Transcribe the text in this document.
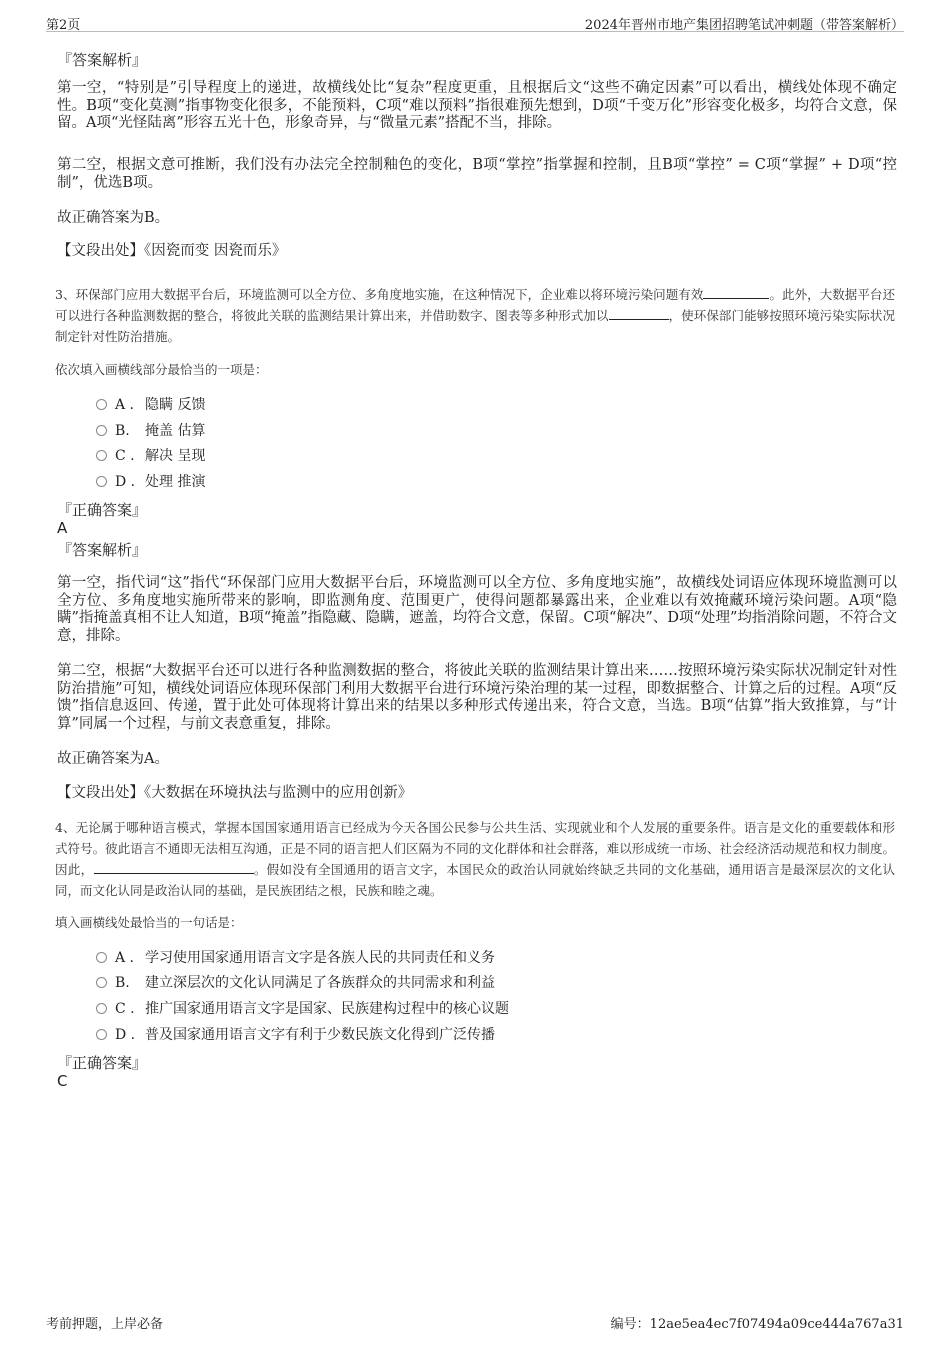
第2页	2024年晋州市地产集团招聘笔试冲刺题（带答案解析）
『答案解析』
第一空，“特别是”引导程度上的递进，故横线处比“复杂”程度更重，且根据后文“这些不确定因素”可以看出，横线处体现不确定性。B项“变化莫测”指事物变化很多，不能预料，C项“难以预料”指很难预先想到，D项“千变万化”形容变化极多，均符合文意，保留。A项“光怪陆离”形容五光十色，形象奇异，与“微量元素”搭配不当，排除。
第二空，根据文意可推断，我们没有办法完全控制釉色的变化，B项“掌控”指掌握和控制，且B项“掌控” = C项“掌握” + D项“控制”，优选B项。
故正确答案为B。
【文段出处】《因瓷而变 因瓷而乐》
3、环保部门应用大数据平台后，环境监测可以全方位、多角度地实施，在这种情况下，企业难以将环境污染问题有效	。此外，大数据平台还可以进行各种监测数据的整合，将彼此关联的监测结果计算出来，并借助数字、图表等多种形式加以	，使环保部门能够按照环境污染实际状况制定针对性防治措施。
依次填入画横线部分最恰当的一项是：
A . 隐瞒 反馈
B. 掩盖 估算
C . 解决 呈现
D . 处理 推演
『正确答案』
A
『答案解析』
第一空，指代词“这”指代“环保部门应用大数据平台后，环境监测可以全方位、多角度地实施”，故横线处词语应体现环境监测可以全方位、多角度地实施所带来的影响，即监测角度、范围更广，使得问题都暴露出来，企业难以有效掩藏环境污染问题。A项“隐瞒”指掩盖真相不让人知道，B项“掩盖”指隐藏、隐瞒，遮盖，均符合文意，保留。C项“解决”、D项“处理”均指消除问题，不符合文意，排除。
第二空，根据“大数据平台还可以进行各种监测数据的整合，将彼此关联的监测结果计算出来……按照环境污染实际状况制定针对性防治措施”可知，横线处词语应体现环保部门利用大数据平台进行环境污染治理的某一过程，即数据整合、计算之后的过程。A项“反馈”指信息返回、传递，置于此处可体现将计算出来的结果以多种形式传递出来，符合文意，当选。B项“估算”指大致推算，与“计算”同属一个过程，与前文表意重复，排除。
故正确答案为A。
【文段出处】《大数据在环境执法与监测中的应用创新》
4、无论属于哪种语言模式，掌握本国国家通用语言已经成为今天各国公民参与公共生活、实现就业和个人发展的重要条件。语言是文化的重要载体和形式符号。彼此语言不通即无法相互沟通，正是不同的语言把人们区隔为不同的文化群体和社会群落，难以形成统一市场、社会经济活动规范和权力制度。因此，	。假如没有全国通用的语言文字，本国民众的政治认同就始终缺乏共同的文化基础，通用语言是最深层次的文化认同，而文化认同是政治认同的基础，是民族团结之根，民族和睦之魂。
填入画横线处最恰当的一句话是：
A . 学习使用国家通用语言文字是各族人民的共同责任和义务
B. 建立深层次的文化认同满足了各族群众的共同需求和利益
C . 推广国家通用语言文字是国家、民族建构过程中的核心议题
D . 普及国家通用语言文字有利于少数民族文化得到广泛传播
『正确答案』
C
考前押题，上岸必备	编号：12ae5ea4ec7f07494a09ce444a767a31
